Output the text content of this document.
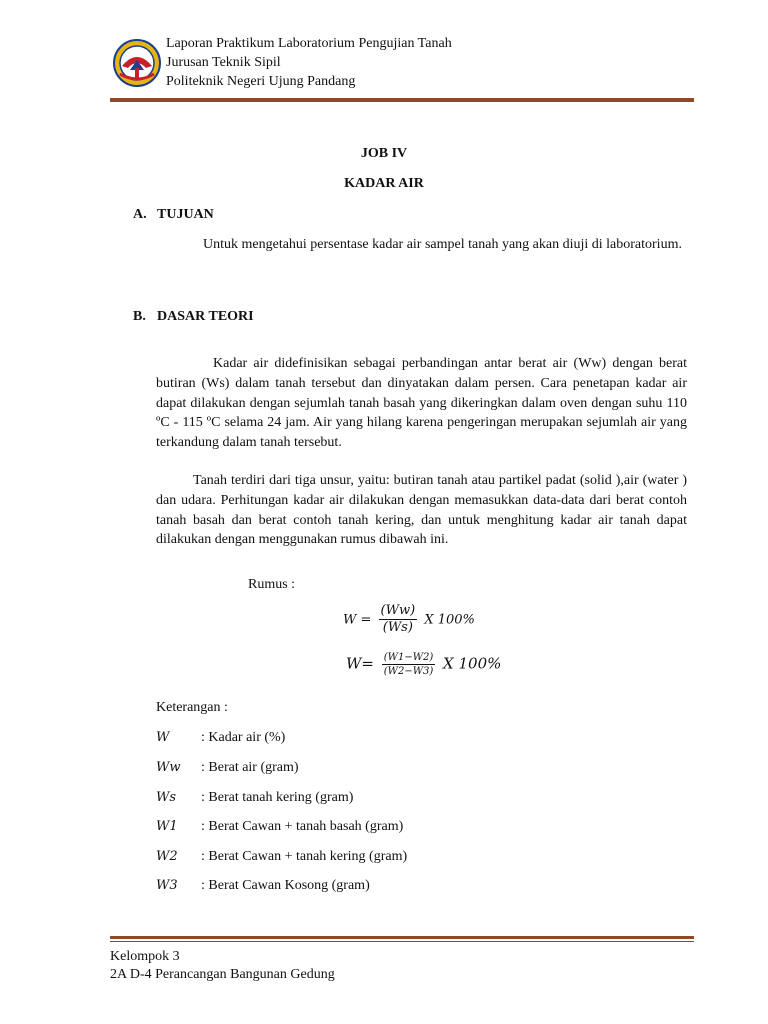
Laporan Praktikum Laboratorium Pengujian Tanah
Jurusan Teknik Sipil
Politeknik Negeri Ujung Pandang
JOB IV
KADAR AIR
A. TUJUAN
Untuk mengetahui persentase kadar air sampel tanah yang akan diuji di laboratorium.
B. DASAR TEORI
Kadar air didefinisikan sebagai perbandingan antar berat air (Ww) dengan berat butiran (Ws) dalam tanah tersebut dan dinyatakan dalam persen. Cara penetapan kadar air dapat dilakukan dengan sejumlah tanah basah yang dikeringkan dalam oven dengan suhu 110 ºC - 115 ºC selama 24 jam. Air yang hilang karena pengeringan merupakan sejumlah air yang terkandung dalam tanah tersebut.
Tanah terdiri dari tiga unsur, yaitu: butiran tanah atau partikel padat (solid ),air (water ) dan udara. Perhitungan kadar air dilakukan dengan memasukkan data-data dari berat contoh tanah basah dan berat contoh tanah kering, dan untuk menghitung kadar air tanah dapat dilakukan dengan menggunakan rumus dibawah ini.
Rumus :
$W = \frac{(Ww)}{(Ws)}$ X 100%
$W= \frac{(W1-W2)}{(W2-W3)}$ X 100%
Keterangan :
W : Kadar air (%)
Ww : Berat air (gram)
Ws : Berat tanah kering (gram)
W1 : Berat Cawan + tanah basah (gram)
W2 : Berat Cawan + tanah kering (gram)
W3 : Berat Cawan Kosong (gram)
Kelompok 3
2A D-4 Perancangan Bangunan Gedung
